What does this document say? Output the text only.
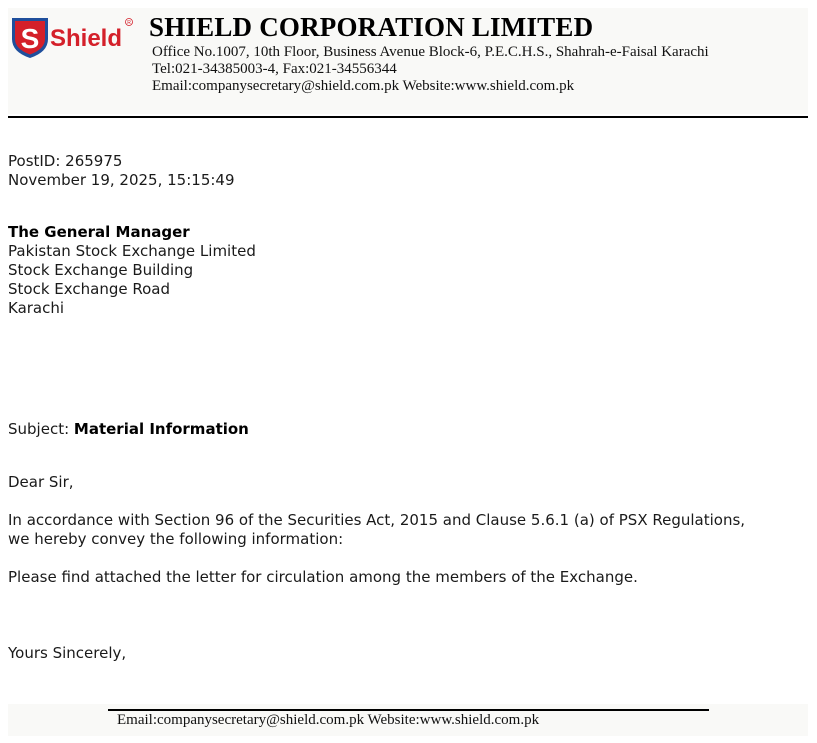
S Shield
R SHIELD CORPORATION LIMITED
Office No.1007, 10th Floor, Business Avenue Block-6, P.E.C.H.S., Shahrah-e-Faisal Karachi
Tel:021-34385003-4, Fax:021-34556344
Email:companysecretary@shield.com.pk Website:www.shield.com.pk
PostID: 265975
November 19, 2025, 15:15:49
The General Manager
Pakistan Stock Exchange Limited
Stock Exchange Building
Stock Exchange Road
Karachi
Subject: Material Information
Dear Sir,
In accordance with Section 96 of the Securities Act, 2015 and Clause 5.6.1 (a) of PSX Regulations,
we hereby convey the following information:
Please find attached the letter for circulation among the members of the Exchange.
Yours Sincerely,
Email:companysecretary@shield.com.pk Website:www.shield.com.pk
